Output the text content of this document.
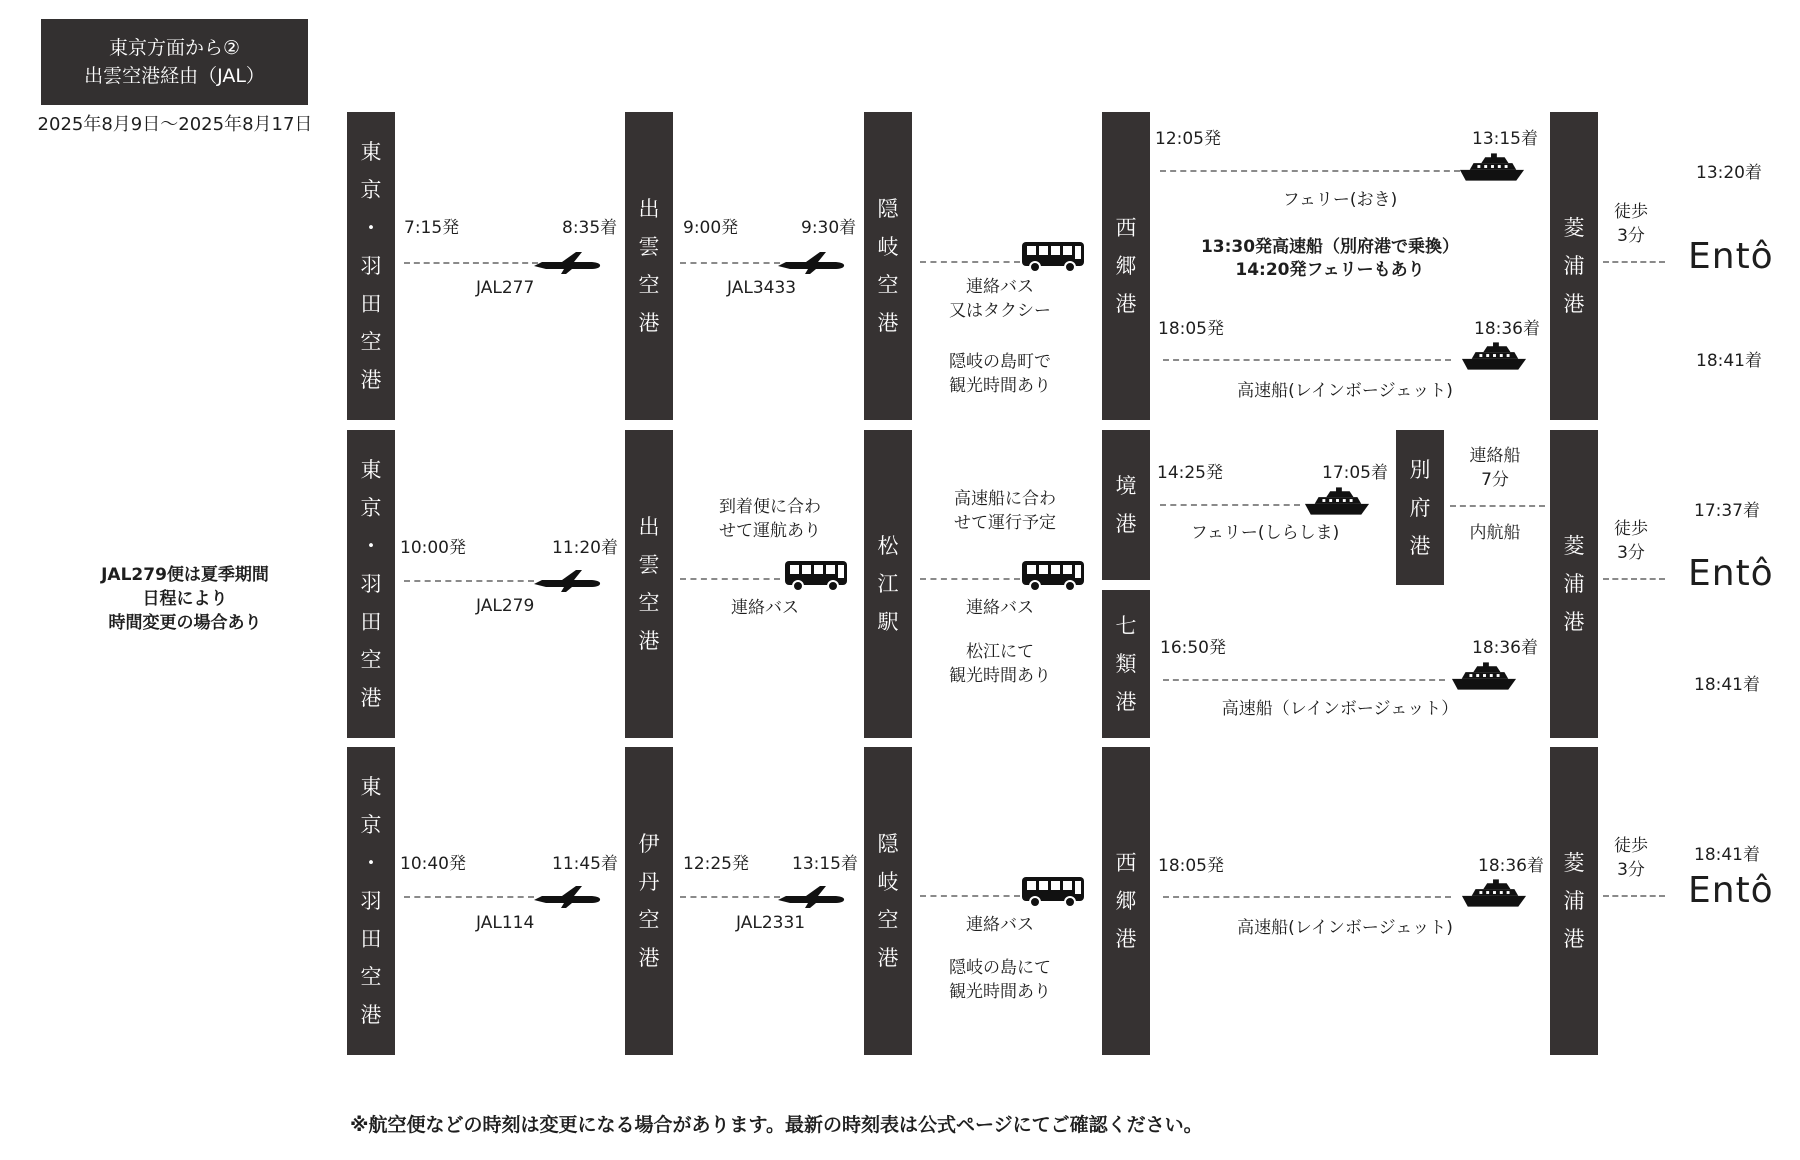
東京方面から②
出雲空港経由（JAL）
2025年8月9日〜2025年8月17日
JAL279便は夏季期間
日程により
時間変更の場合あり
東
京
・
羽
田
空
港
7:15発	8:35着
JAL277
出
雲
空
港
9:00発	9:30着
JAL3433
隠
岐
空
港
連絡バス
又はタクシー
隠岐の島町で
観光時間あり
西
郷
港
12:05発	13:15着
フェリー(おき)
13:30発高速船（別府港で乗換）
14:20発フェリーもあり
18:05発	18:36着
高速船(レインボージェット)
菱
浦
港
徒歩
3分
13:20着
Entô
18:41着
東
京
・
羽
田
空
港
10:00発	11:20着
JAL279
出
雲
空
港
到着便に合わ
せて運航あり
連絡バス
松
江
駅
高速船に合わ
せて運行予定
連絡バス
松江にて
観光時間あり
境
港
14:25発	17:05着
フェリー(しらしま)
別
府
港
連絡船
7分
内航船
七
類
港
16:50発	18:36着
高速船（レインボージェット）
菱
浦
港
徒歩
3分
17:37着
Entô
18:41着
東
京
・
羽
田
空
港
10:40発	11:45着
JAL114
伊
丹
空
港
12:25発	13:15着
JAL2331
隠
岐
空
港
連絡バス
隠岐の島にて
観光時間あり
西
郷
港
18:05発	18:36着
高速船(レインボージェット)
菱
浦
港
徒歩
3分
18:41着
Entô
※航空便などの時刻は変更になる場合があります。最新の時刻表は公式ページにてご確認ください。
